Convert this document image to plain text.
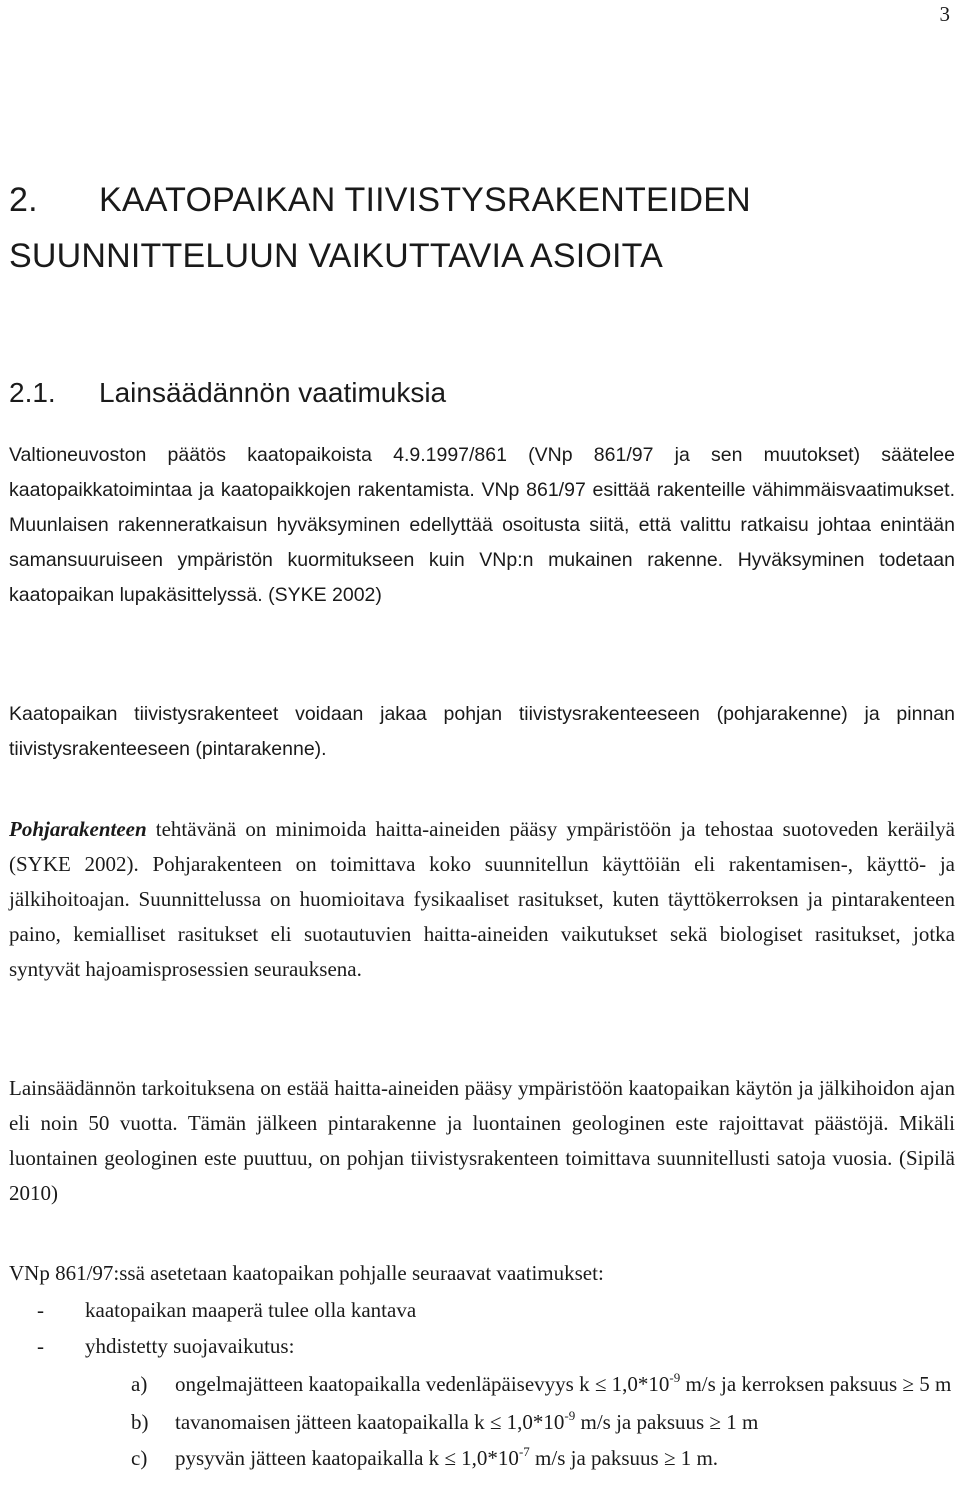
3
2. KAATOPAIKAN TIIVISTYSRAKENTEIDEN
SUUNNITTELUUN VAIKUTTAVIA ASIOITA
2.1. Lainsäädännön vaatimuksia

Valtioneuvoston päätös kaatopaikoista 4.9.1997/861 (VNp 861/97 ja sen muutokset) säätelee kaatopaikkatoimintaa ja kaatopaikkojen rakentamista. VNp 861/97 esittää rakenteille vähimmäisvaatimukset. Muunlaisen rakenneratkaisun hyväksyminen edellyttää osoitusta siitä, että valittu ratkaisu johtaa enintään samansuuruiseen ympäristön kuormitukseen kuin VNp:n mukainen rakenne. Hyväksyminen todetaan kaatopaikan lupakäsittelyssä. (SYKE 2002)

Kaatopaikan tiivistysrakenteet voidaan jakaa pohjan tiivistysrakenteeseen (pohjarakenne) ja pinnan tiivistysrakenteeseen (pintarakenne).

Pohjarakenteen tehtävänä on minimoida haitta-aineiden pääsy ympäristöön ja tehostaa suotoveden keräilyä (SYKE 2002). Pohjarakenteen on toimittava koko suunnitellun käyttöiän eli rakentamisen-, käyttö- ja jälkihoitoajan. Suunnittelussa on huomioitava fysikaaliset rasitukset, kuten täyttökerroksen ja pintarakenteen paino, kemialliset rasitukset eli suotautuvien haitta-aineiden vaikutukset sekä biologiset rasitukset, jotka syntyvät hajoamisprosessien seurauksena.

Lainsäädännön tarkoituksena on estää haitta-aineiden pääsy ympäristöön kaatopaikan käytön ja jälkihoidon ajan eli noin 50 vuotta. Tämän jälkeen pintarakenne ja luontainen geologinen este rajoittavat päästöjä. Mikäli luontainen geologinen este puuttuu, on pohjan tiivistysrakenteen toimittava suunnitellusti satoja vuosia. (Sipilä 2010)

VNp 861/97:ssä asetetaan kaatopaikan pohjalle seuraavat vaatimukset:

-	kaatopaikan maaperä tulee olla kantava
-	yhdistetty suojavaikutus:
a)	ongelmajätteen kaatopaikalla vedenläpäisevyys $k \le 1,0*10^{-9}$ m/s ja kerroksen paksuus ≥ 5 m
b)	tavanomaisen jätteen kaatopaikalla $k \le 1,0*10^{-9}$ m/s ja paksuus ≥ 1 m
c)	pysyvän jätteen kaatopaikalla $k \le 1,0*10^{-7}$ m/s ja paksuus ≥ 1 m.
